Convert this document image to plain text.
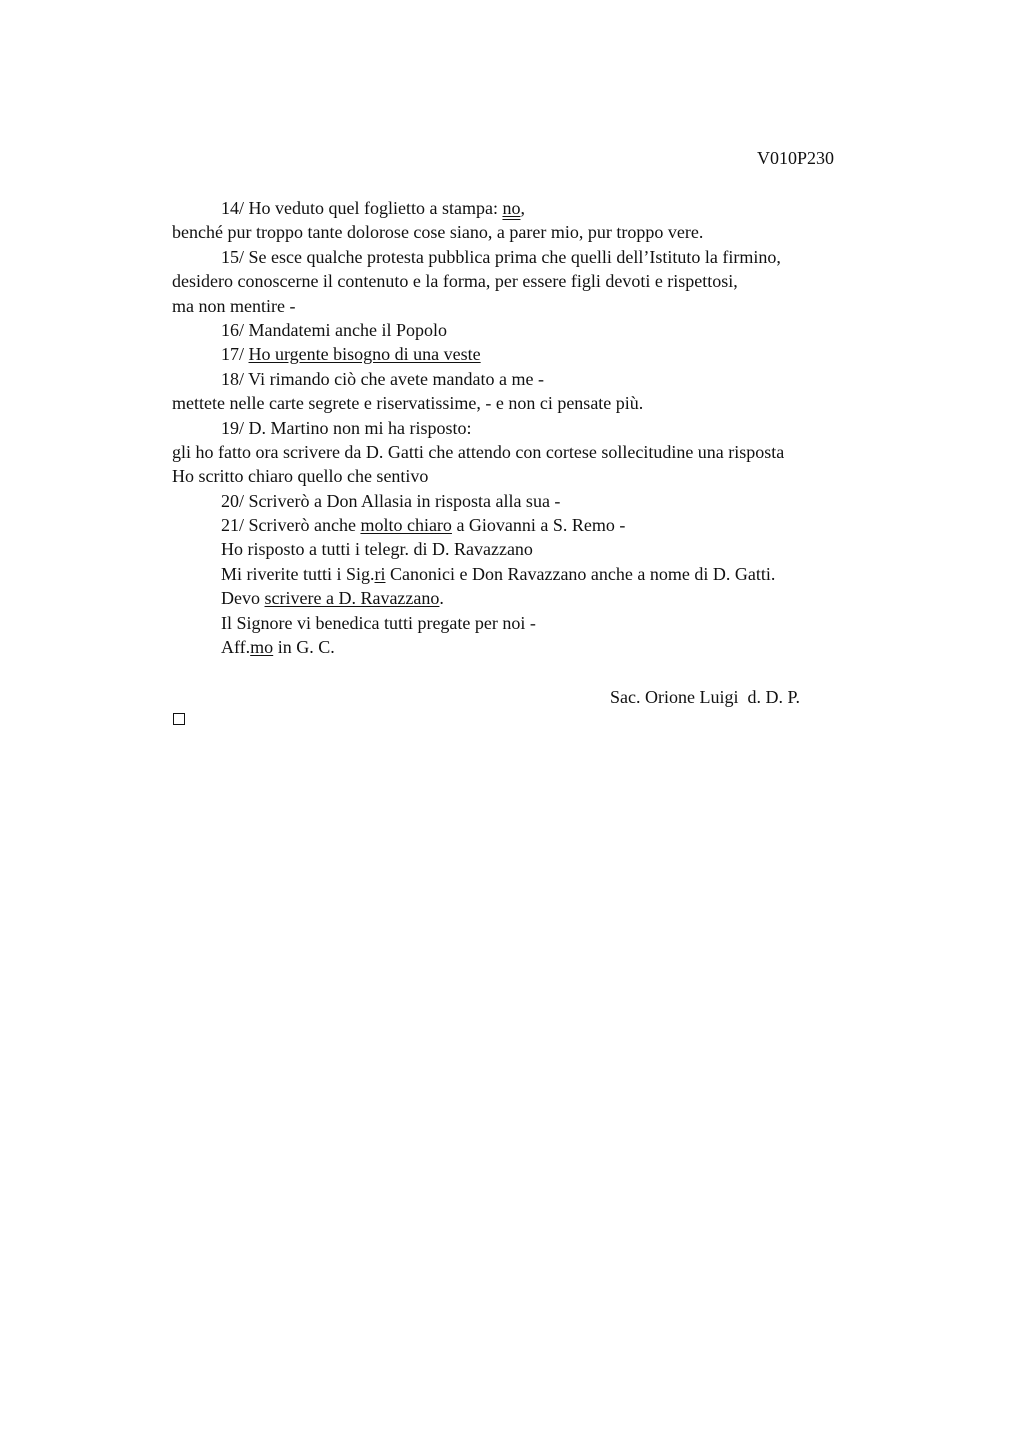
V010P230
14/ Ho veduto quel foglietto a stampa: no,
benché pur troppo tante dolorose cose siano, a parer mio, pur troppo vere.
15/ Se esce qualche protesta pubblica prima che quelli dell’Istituto la firmino,
desidero conoscerne il contenuto e la forma, per essere figli devoti e rispettosi,
ma non mentire -
16/ Mandatemi anche il Popolo
17/ Ho urgente bisogno di una veste
18/ Vi rimando ciò che avete mandato a me -
mettete nelle carte segrete e riservatissime, - e non ci pensate più.
19/ D. Martino non mi ha risposto:
gli ho fatto ora scrivere da D. Gatti che attendo con cortese sollecitudine una risposta
Ho scritto chiaro quello che sentivo
20/ Scriverò a Don Allasia in risposta alla sua -
21/ Scriverò anche molto chiaro a Giovanni a S. Remo -
Ho risposto a tutti i telegr. di D. Ravazzano
Mi riverite tutti i Sig.ri Canonici e Don Ravazzano anche a nome di D. Gatti.
Devo scrivere a D. Ravazzano.
Il Signore vi benedica tutti pregate per noi -
Aff.mo in G. C.
Sac. Orione Luigi  d. D. P.
